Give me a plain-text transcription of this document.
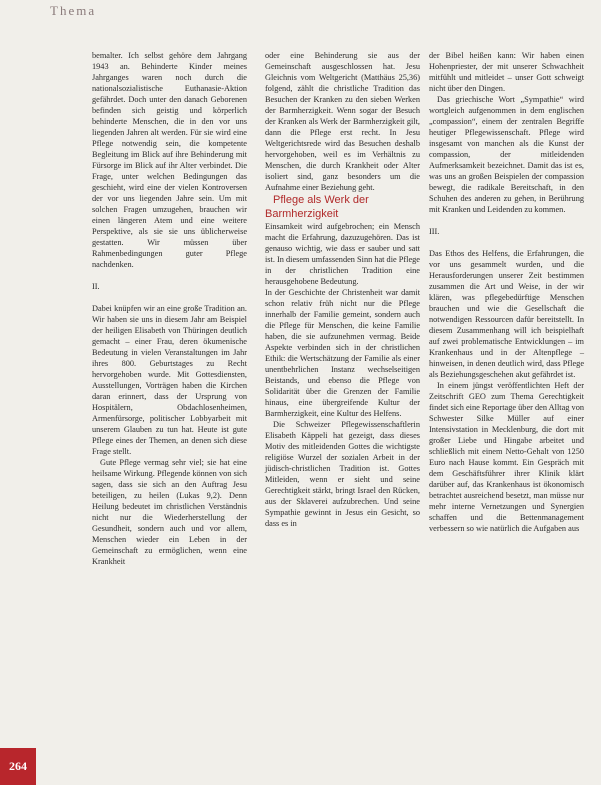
Thema

bemalter. Ich selbst gehöre dem Jahrgang 1943 an. Behinderte Kinder meines Jahrganges waren noch durch die nationalsozialistische Euthanasie-Aktion gefährdet. Doch unter den danach Geborenen befinden sich geistig und körperlich behinderte Menschen, die in den vor uns liegenden Jahren alt werden. Für sie wird eine Pflege notwendig sein, die kompetente Begleitung im Blick auf ihre Behinderung mit Fürsorge im Blick auf ihr Alter verbindet. Die Frage, unter welchen Bedingungen das geschieht, wird eine der vielen Kontroversen der vor uns liegenden Jahre sein. Um mit solchen Fragen umzugehen, brauchen wir einen längeren Atem und eine weitere Perspektive, als sie sie uns üblicherweise gestatten. Wir müssen über Rahmenbedingungen guter Pflege nachdenken.

II.

Dabei knüpfen wir an eine große Tradition an. Wir haben sie uns in diesem Jahr am Beispiel der heiligen Elisabeth von Thüringen deutlich gemacht – einer Frau, deren ökumenische Bedeutung in vielen Veranstaltungen im Jahr ihres 800. Geburtstages zu Recht hervorgehoben wurde. Mit Gottesdiensten, Ausstellungen, Vorträgen haben die Kirchen daran erinnert, dass der Ursprung von Hospitälern, Obdachlosenheimen, Armenfürsorge, politischer Lobbyarbeit mit unserem Glauben zu tun hat. Heute ist gute Pflege eines der Themen, an denen sich diese Frage stellt.

Gute Pflege vermag sehr viel; sie hat eine heilsame Wirkung. Pflegende können von sich sagen, dass sie sich an den Auftrag Jesu beteiligen, zu heilen (Lukas 9,2). Denn Heilung bedeutet im christlichen Verständnis nicht nur die Wiederherstellung der Gesundheit, sondern auch und vor allem, Menschen wieder ein Leben in der Gemeinschaft zu ermöglichen, wenn eine Krankheit

oder eine Behinderung sie aus der Gemeinschaft ausgeschlossen hat. Jesu Gleichnis vom Weltgericht (Matthäus 25,36) folgend, zählt die christliche Tradition das Besuchen der Kranken zu den sieben Werken der Barmherzigkeit. Wenn sogar der Besuch der Kranken als Werk der Barmherzigkeit gilt, dann die Pflege erst recht. In Jesu Weltgerichtsrede wird das Besuchen deshalb hervorgehoben, weil es im Verhältnis zu Menschen, die durch Krankheit oder Alter isoliert sind, ganz besonders um die Aufnahme einer Beziehung geht.

Pflege als Werk der Barmherzigkeit

Einsamkeit wird aufgebrochen; ein Mensch macht die Erfahrung, dazuzugehören. Das ist genauso wichtig, wie dass er sauber und satt ist. In diesem umfassenden Sinn hat die Pflege in der christlichen Tradition eine herausgehobene Bedeutung.

In der Geschichte der Christenheit war damit schon relativ früh nicht nur die Pflege innerhalb der Familie gemeint, sondern auch die Pflege für Menschen, die keine Familie haben, die sie aufzunehmen vermag. Beide Aspekte verbinden sich in der christlichen Ethik: die Wertschätzung der Familie als einer unentbehrlichen Instanz wechselseitigen Beistands, und ebenso die Pflege von Solidarität über die Grenzen der Familie hinaus, eine übergreifende Kultur der Barmherzigkeit, eine Kultur des Helfens.

Die Schweizer Pflegewissenschaftlerin Elisabeth Käppeli hat gezeigt, dass dieses Motiv des mitleidenden Gottes die wichtigste religiöse Wurzel der sozialen Arbeit in der jüdisch-christlichen Tradition ist. Gottes Mitleiden, wenn er sieht und seine Gerechtigkeit stärkt, bringt Israel den Rücken, aus der Sklaverei aufzubrechen. Und seine Sympathie gewinnt in Jesus ein Gesicht, so dass es in

der Bibel heißen kann: Wir haben einen Hohenpriester, der mit unserer Schwachheit mitfühlt und mitleidet – unser Gott schweigt nicht über den Dingen.

Das griechische Wort „Sympathie“ wird wortgleich aufgenommen in dem englischen „compassion“, einem der zentralen Begriffe heutiger Pflegewissenschaft. Pflege wird insgesamt von manchen als die Kunst der compassion, der mitleidenden Aufmerksamkeit bezeichnet. Damit das ist es, was uns an großen Beispielen der compassion bewegt, die radikale Bereitschaft, in den Schuhen des anderen zu gehen, in Berührung mit Kranken und Leidenden zu kommen.

III.

Das Ethos des Helfens, die Erfahrungen, die vor uns gesammelt wurden, und die Herausforderungen unserer Zeit bestimmen zusammen die Art und Weise, in der wir klären, was pflegebedürftige Menschen brauchen und wie die Gesellschaft die notwendigen Ressourcen dafür bereitstellt. In diesem Zusammenhang will ich beispielhaft auf zwei problematische Entwicklungen – im Krankenhaus und in der Altenpflege – hinweisen, in denen deutlich wird, dass Pflege als Beziehungsgeschehen akut gefährdet ist.

In einem jüngst veröffentlichten Heft der Zeitschrift GEO zum Thema Gerechtigkeit findet sich eine Reportage über den Alltag von Schwester Silke Müller auf einer Intensivstation in Mecklenburg, die dort mit großer Liebe und Hingabe arbeitet und schließlich mit einem Netto-Gehalt von 1250 Euro nach Hause kommt. Ein Gespräch mit dem Geschäftsführer ihrer Klinik klärt darüber auf, das Krankenhaus ist ökonomisch betrachtet ausreichend besetzt, man müsse nur mehr interne Vernetzungen und Synergien schaffen und die Bettenmanagement verbessern so wie natürlich die Aufgaben aus

264
